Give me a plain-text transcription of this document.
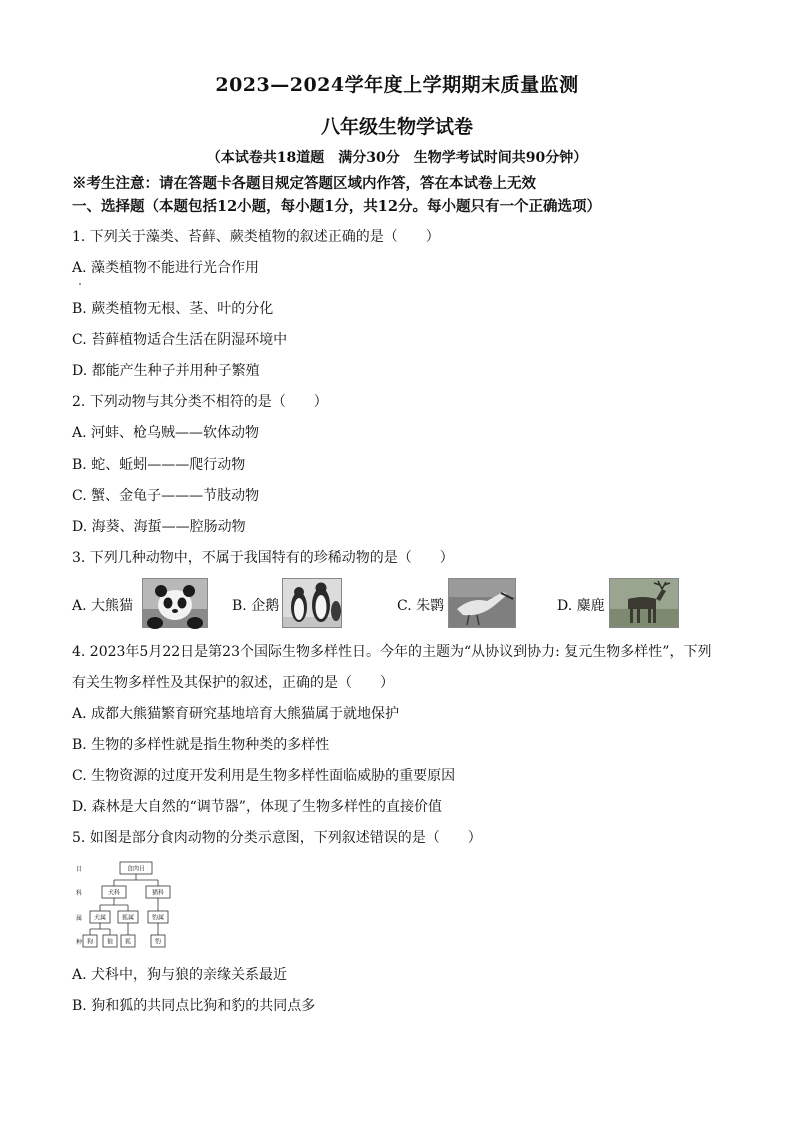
2023—2024学年度上学期期末质量监测
八年级生物学试卷
（本试卷共18道题　满分30分　生物学考试时间共90分钟）
※考生注意：请在答题卡各题目规定答题区域内作答，答在本试卷上无效
一、选择题（本题包括12小题，每小题1分，共12分。每小题只有一个正确选项）
1. 下列关于藻类、苔藓、蕨类植物的叙述正确的是（　　）
A. 藻类植物不能进行光合作用
B. 蕨类植物无根、茎、叶的分化
C. 苔藓植物适合生活在阴湿环境中
D. 都能产生种子并用种子繁殖
2. 下列动物与其分类不相符的是（　　）
A. 河蚌、枪乌贼——软体动物
B. 蛇、蚯蚓———爬行动物
C. 蟹、金龟子———节肢动物
D. 海葵、海蜇——腔肠动物
3. 下列几种动物中，不属于我国特有的珍稀动物的是（　　）
A. 大熊猫	B. 企鹅	C. 朱鹮	D. 麋鹿
4. 2023年5月22日是第23个国际生物多样性日。今年的主题为“从协议到协力: 复元生物多样性”，下列
有关生物多样性及其保护的叙述，正确的是（　　）
A. 成都大熊猫繁育研究基地培育大熊猫属于就地保护
B. 生物的多样性就是指生物种类的多样性
C. 生物资源的过度开发利用是生物多样性面临威胁的重要原因
D. 森林是大自然的“调节器”，体现了生物多样性的直接价值
5. 如图是部分食肉动物的分类示意图，下列叙述错误的是（　　）
目
科
属
种
食肉目
犬科	猫科
犬属	狐属	豹属
狗 狼 狐	豹
A. 犬科中，狗与狼的亲缘关系最近
B. 狗和狐的共同点比狗和豹的共同点多
